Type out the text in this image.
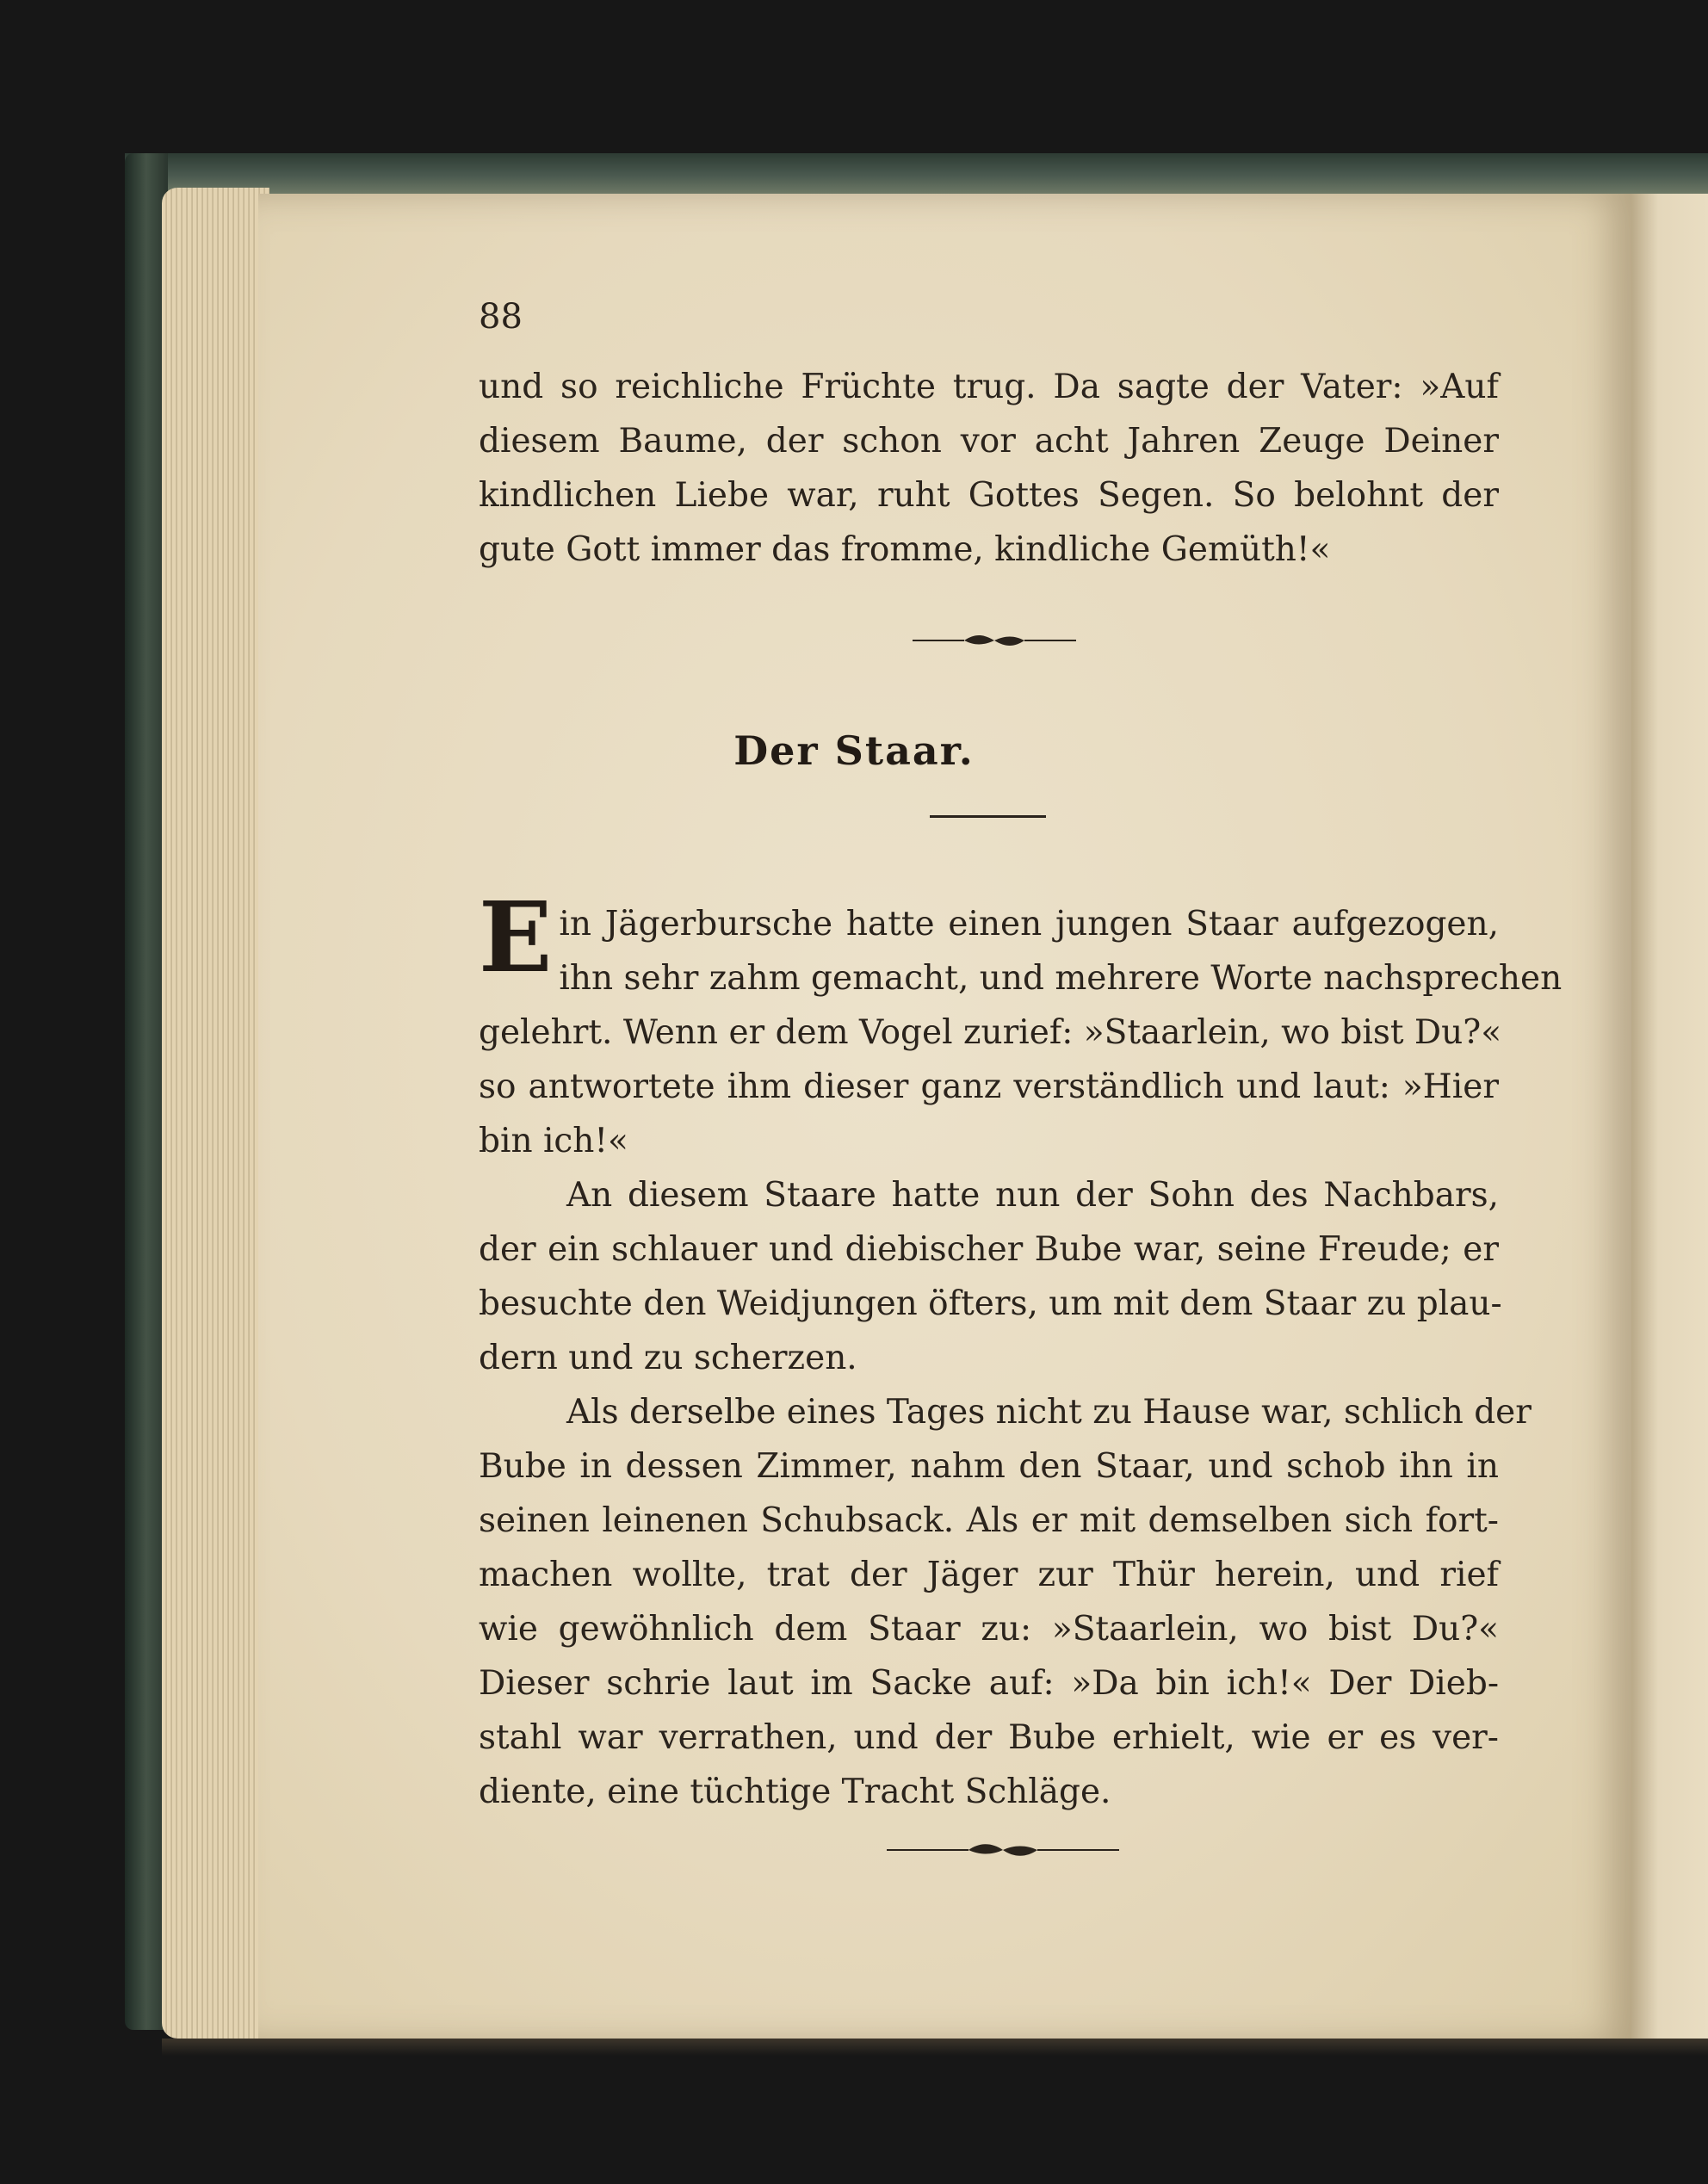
88
und so reichliche Früchte trug. Da sagte der Vater: »Auf
diesem Baume, der schon vor acht Jahren Zeuge Deiner
kindlichen Liebe war, ruht Gottes Segen. So belohnt der
gute Gott immer das fromme, kindliche Gemüth!«
Der Staar.
E in Jägerbursche hatte einen jungen Staar aufgezogen,
ihn sehr zahm gemacht, und mehrere Worte nachsprechen
gelehrt. Wenn er dem Vogel zurief: »Staarlein, wo bist Du?«
so antwortete ihm dieser ganz verständlich und laut: »Hier
bin ich!«
An diesem Staare hatte nun der Sohn des Nachbars,
der ein schlauer und diebischer Bube war, seine Freude; er
besuchte den Weidjungen öfters, um mit dem Staar zu plau-
dern und zu scherzen.
Als derselbe eines Tages nicht zu Hause war, schlich der
Bube in dessen Zimmer, nahm den Staar, und schob ihn in
seinen leinenen Schubsack. Als er mit demselben sich fort-
machen wollte, trat der Jäger zur Thür herein, und rief
wie gewöhnlich dem Staar zu: »Staarlein, wo bist Du?«
Dieser schrie laut im Sacke auf: »Da bin ich!« Der Dieb-
stahl war verrathen, und der Bube erhielt, wie er es ver-
diente, eine tüchtige Tracht Schläge.
